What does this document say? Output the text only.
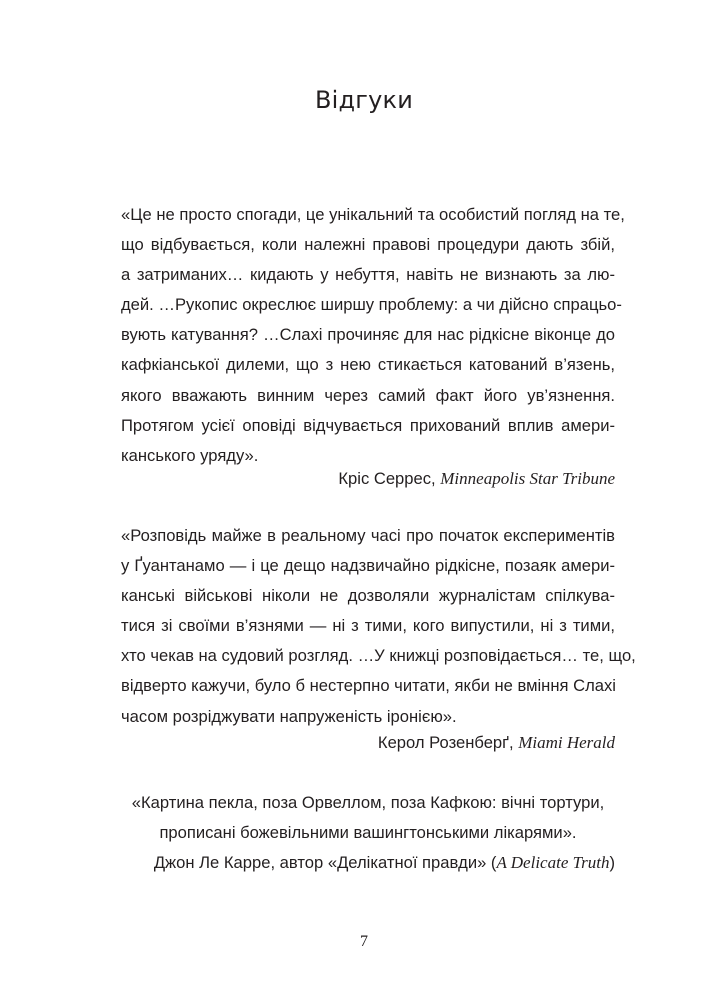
Відгуки
«Це не просто спогади, це унікальний та особистий погляд на те,
що відбувається, коли належні правові процедури дають збій,
а затриманих… кидають у небуття, навіть не визнають за лю-
дей. …Рукопис окреслює ширшу проблему: а чи дійсно спрацьо-
вують катування? …Слахі прочиняє для нас рідкісне віконце до
кафкіанської дилеми, що з нею стикається катований в’язень,
якого вважають винним через самий факт його ув’язнення.
Протягом усієї оповіді відчувається прихований вплив амери-
канського уряду».
Кріс Серрес, Minneapolis Star Tribune
«Розповідь майже в реальному часі про початок експериментів
у Ґуантанамо — і це дещо надзвичайно рідкісне, позаяк амери-
канські військові ніколи не дозволяли журналістам спілкува-
тися зі своїми в’язнями — ні з тими, кого випустили, ні з тими,
хто чекав на судовий розгляд. …У книжці розповідається… те, що,
відверто кажучи, було б нестерпно читати, якби не вміння Слахі
часом розріджувати напруженість іронією».
Керол Розенберґ, Miami Herald
«Картина пекла, поза Орвеллом, поза Кафкою: вічні тортури,
прописані божевільними вашингтонськими лікарями».
Джон Ле Карре, автор «Делікатної правди» (A Delicate Truth)
7
